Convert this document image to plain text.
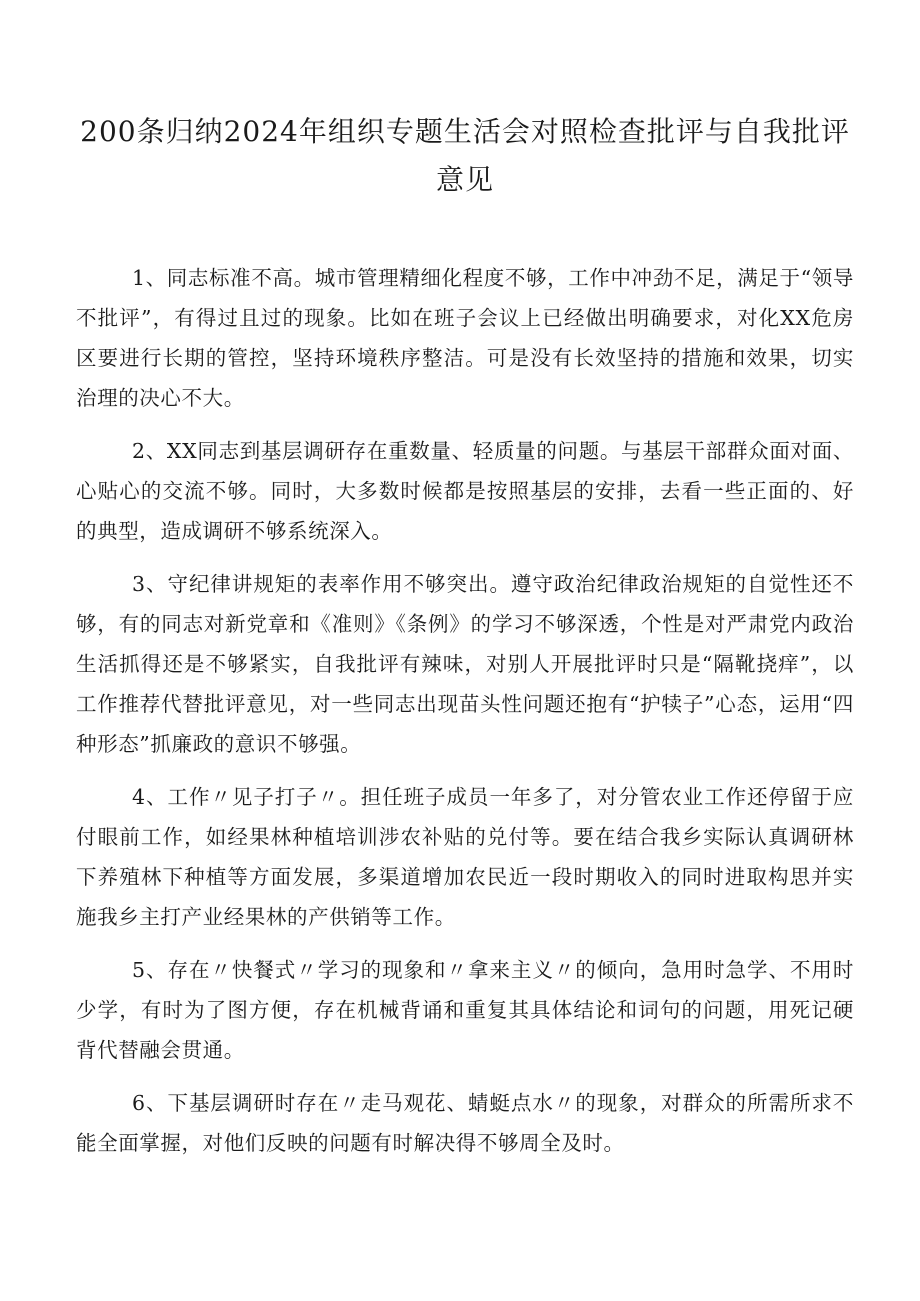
200条归纳2024年组织专题生活会对照检查批评与自我批评意见

1、同志标准不高。城市管理精细化程度不够，工作中冲劲不足，满足于“领导不批评”，有得过且过的现象。比如在班子会议上已经做出明确要求，对化XX危房区要进行长期的管控，坚持环境秩序整洁。可是没有长效坚持的措施和效果，切实治理的决心不大。

2、XX同志到基层调研存在重数量、轻质量的问题。与基层干部群众面对面、心贴心的交流不够。同时，大多数时候都是按照基层的安排，去看一些正面的、好的典型，造成调研不够系统深入。

3、守纪律讲规矩的表率作用不够突出。遵守政治纪律政治规矩的自觉性还不够，有的同志对新党章和《准则》《条例》的学习不够深透，个性是对严肃党内政治生活抓得还是不够紧实，自我批评有辣味，对别人开展批评时只是“隔靴挠痒”，以工作推荐代替批评意见，对一些同志出现苗头性问题还抱有“护犊子”心态，运用“四种形态”抓廉政的意识不够强。

4、工作〃见子打子〃。担任班子成员一年多了，对分管农业工作还停留于应付眼前工作，如经果林种植培训涉农补贴的兑付等。要在结合我乡实际认真调研林下养殖林下种植等方面发展，多渠道增加农民近一段时期收入的同时进取构思并实施我乡主打产业经果林的产供销等工作。

5、存在〃快餐式〃学习的现象和〃拿来主义〃的倾向，急用时急学、不用时少学，有时为了图方便，存在机械背诵和重复其具体结论和词句的问题，用死记硬背代替融会贯通。

6、下基层调研时存在〃走马观花、蜻蜓点水〃的现象，对群众的所需所求不能全面掌握，对他们反映的问题有时解决得不够周全及时。
